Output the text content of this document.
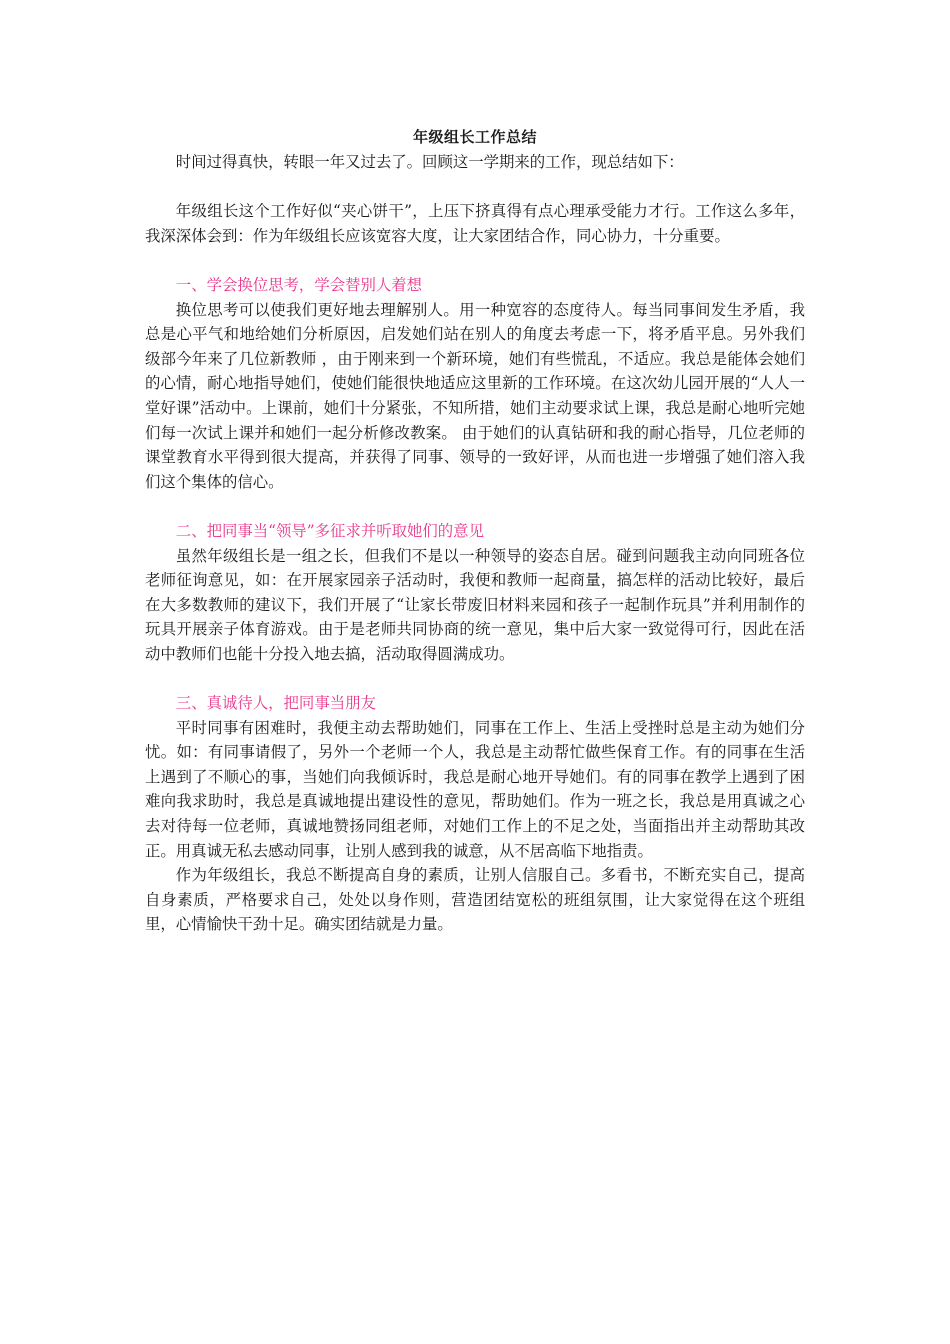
年级组长工作总结

时间过得真快，转眼一年又过去了。回顾这一学期来的工作，现总结如下：

年级组长这个工作好似“夹心饼干”，上压下挤真得有点心理承受能力才行。工作这么多年，我深深体会到：作为年级组长应该宽容大度，让大家团结合作，同心协力，十分重要。

一、学会换位思考，学会替别人着想

换位思考可以使我们更好地去理解别人。用一种宽容的态度待人。每当同事间发生矛盾，我总是心平气和地给她们分析原因，启发她们站在别人的角度去考虑一下，将矛盾平息。另外我们级部今年来了几位新教师 ，由于刚来到一个新环境，她们有些慌乱，不适应。我总是能体会她们的心情，耐心地指导她们，使她们能很快地适应这里新的工作环境。在这次幼儿园开展的“人人一堂好课”活动中。上课前，她们十分紧张，不知所措，她们主动要求试上课，我总是耐心地听完她们每一次试上课并和她们一起分析修改教案。 由于她们的认真钻研和我的耐心指导，几位老师的课堂教育水平得到很大提高，并获得了同事、领导的一致好评，从而也进一步增强了她们溶入我们这个集体的信心。

二、把同事当“领导”多征求并听取她们的意见

虽然年级组长是一组之长，但我们不是以一种领导的姿态自居。碰到问题我主动向同班各位老师征询意见，如：在开展家园亲子活动时，我便和教师一起商量，搞怎样的活动比较好，最后在大多数教师的建议下，我们开展了“让家长带废旧材料来园和孩子一起制作玩具”并利用制作的玩具开展亲子体育游戏。由于是老师共同协商的统一意见，集中后大家一致觉得可行，因此在活动中教师们也能十分投入地去搞，活动取得圆满成功。

三、真诚待人，把同事当朋友

平时同事有困难时，我便主动去帮助她们，同事在工作上、生活上受挫时总是主动为她们分忧。如：有同事请假了，另外一个老师一个人，我总是主动帮忙做些保育工作。有的同事在生活上遇到了不顺心的事，当她们向我倾诉时，我总是耐心地开导她们。有的同事在教学上遇到了困难向我求助时，我总是真诚地提出建设性的意见，帮助她们。作为一班之长，我总是用真诚之心去对待每一位老师，真诚地赞扬同组老师，对她们工作上的不足之处，当面指出并主动帮助其改正。用真诚无私去感动同事，让别人感到我的诚意，从不居高临下地指责。

作为年级组长，我总不断提高自身的素质，让别人信服自己。多看书，不断充实自己，提高自身素质，严格要求自己，处处以身作则，营造团结宽松的班组氛围，让大家觉得在这个班组里，心情愉快干劲十足。确实团结就是力量。
